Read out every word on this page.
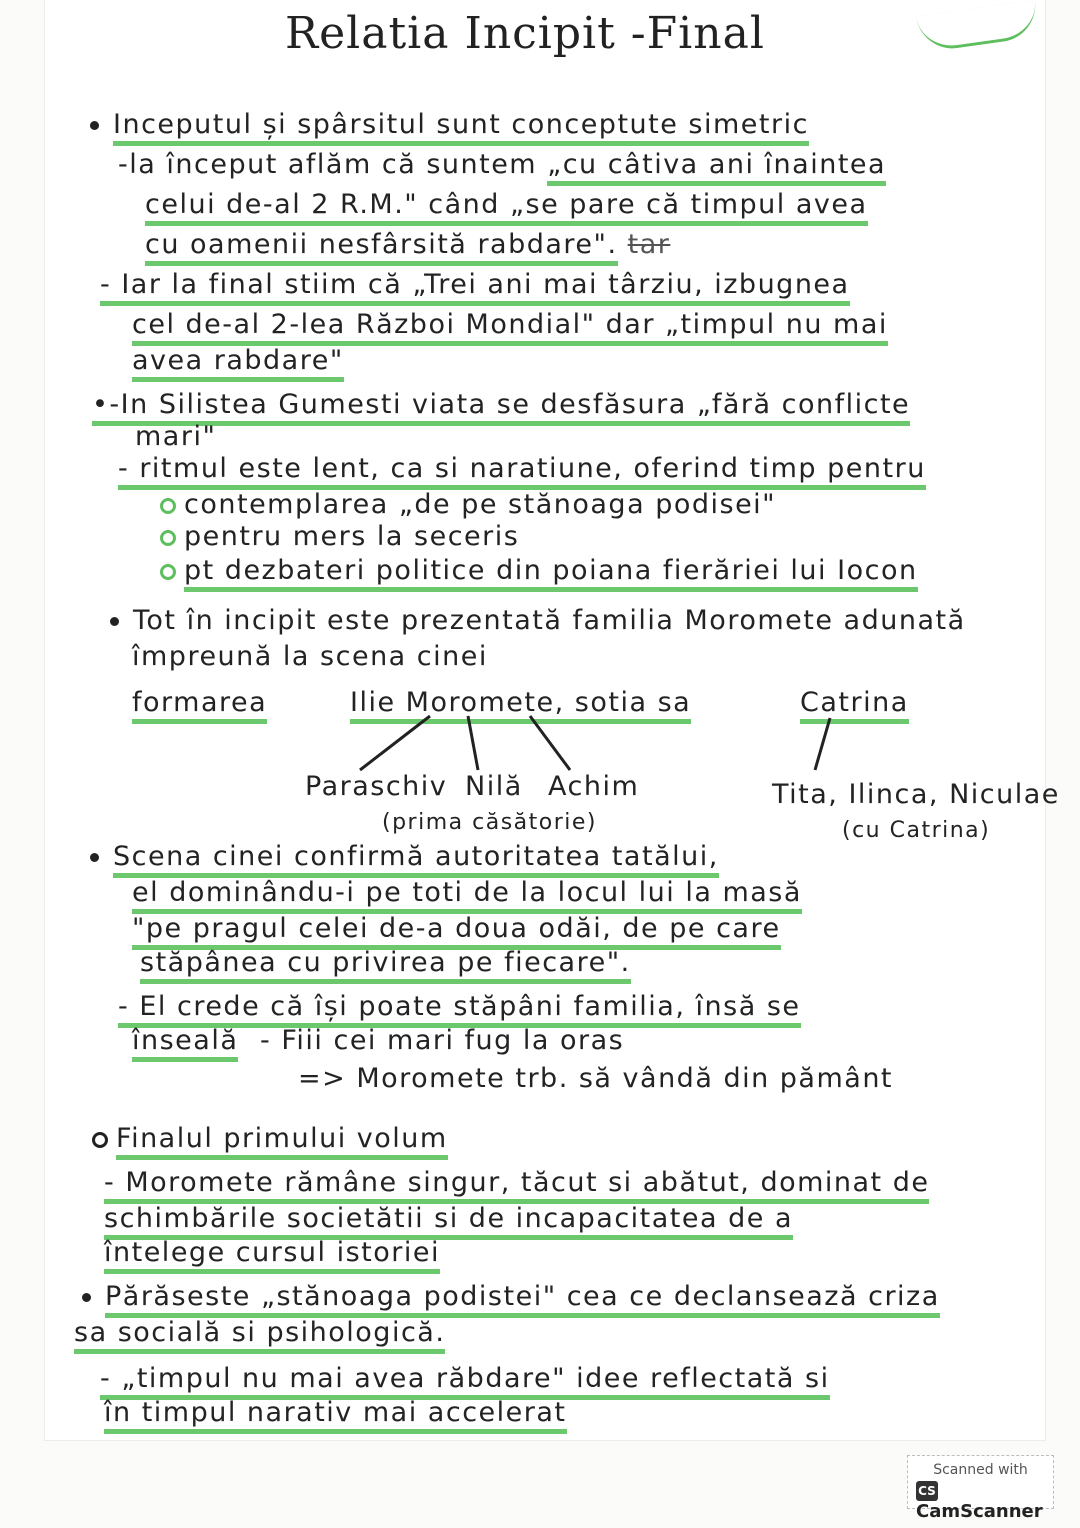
Relatia Incipit -Final
Inceputul și spârsitul sunt conceptute simetric
-la început aflăm că suntem „cu câtiva ani înaintea
celui de-al 2 R.M." când „se pare că timpul avea
cu oamenii nesfârsită rabdare". tar
- Iar la final stiim că „Trei ani mai târziu, izbugnea
cel de-al 2-lea Război Mondial" dar „timpul nu mai
avea rabdare"
•-In Silistea Gumesti viata se desfăsura „fără conflicte
mari"
- ritmul este lent, ca si naratiune, oferind timp pentru
contemplarea „de pe stănoaga podisei"
pentru mers la seceris
pt dezbateri politice din poiana fierăriei lui Iocon
Tot în incipit este prezentată familia Moromete adunată
împreună la scena cinei
formarea	Ilie Moromete, sotia sa	Catrina
Paraschiv Nilă Achim	Tita, Ilinca, Niculae
(prima căsătorie)	(cu Catrina)
Scena cinei confirmă autoritatea tatălui,
el dominându-i pe toti de la locul lui la masă
"pe pragul celei de-a doua odăi, de pe care
stăpânea cu privirea pe fiecare".
- El crede că își poate stăpâni familia, însă se
înseală - Fiii cei mari fug la oras
=> Moromete trb. să vândă din pământ
Finalul primului volum
- Moromete rămâne singur, tăcut si abătut, dominat de
schimbările societătii si de incapacitatea de a
întelege cursul istoriei
Părăseste „stănoaga podistei" cea ce declansează criza
sa socială si psihologică.
- „timpul nu mai avea răbdare" idee reflectată si
în timpul narativ mai accelerat
Scanned with
CSCamScanner
